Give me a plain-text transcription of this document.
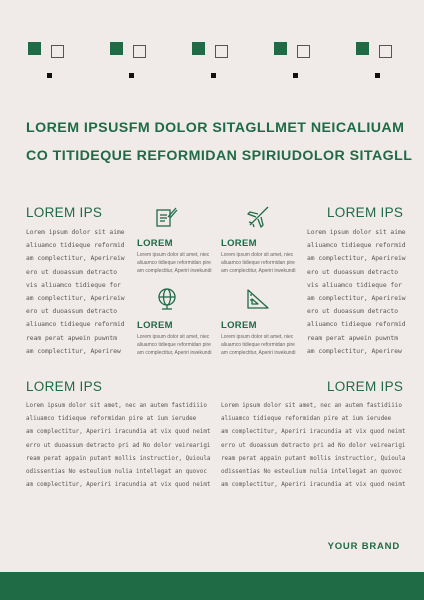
LOREM IPSUSFM DOLOR SITAGLLMET NEICALIUAM
CO TITIDEQUE REFORMIDAN SPIRIUDOLOR SITAGLL
LOREM IPS
Lorem ipsum dolor sit aime
aliuamco tidieque reformid
am complectitur, Aperireiw
ero ut duoassum detracto
vis aliuamco tidieque for
am complectitur, Aperireiw
ero ut duoassum detracto
aliuamco tidieque reformid
ream perat apwein puwntm
am complectitur, Aperirew
LOREM IPS
Lorem ipsum dolor sit aime
aliuamco tidieque reformid
am complectitur, Aperireiw
ero ut duoassum detracto
vis aliuamco tidieque for
am complectitur, Aperireiw
ero ut duoassum detracto
aliuamco tidieque reformid
ream perat apwein puwntm
am complectitur, Aperirew
LOREM
Lorem ipsum dolor sit amet, niec aliuamco tidieque reformidan pire am complectitur, Aperiri irwekundi
LOREM
Lorem ipsum dolor sit amet, niec aliuamco tidieque reformidan pire am complectitur, Aperiri irwekundi
LOREM
Lorem ipsum dolor sit amet, niec aliuamco tidieque reformidan pire am complectitur, Aperiri irwekundi
LOREM
Lorem ipsum dolor sit amet, niec aliuamco tidieque reformidan pire am complectitur, Aperiri irwekundi
LOREM IPS
Lorem ipsum dolor sit amet, nec an autem fastidiiio
aliuamco tidieque reformidan pire at ium ierudee
am complectitur, Aperiri iracundia at vix quod neimt
erro ut duoassum detracto pri ad No dolor veirearigi
ream perat appain putant mollis instructior, Quioula
odissentias No esteulium nulia intellegat an quovoc
am complectitur, Aperiri iracundia at vix quod neimt
LOREM IPS
Lorem ipsum dolor sit amet, nec an autem fastidiiio
aliuamco tidieque reformidan pire at ium ierudee
am complectitur, Aperiri iracundia at vix quod neimt
erro ut duoassum detracto pri ad No dolor veirearigi
ream perat appain putant mollis instructior, Quioula
odissentias No esteulium nulia intellegat an quovoc
am complectitur, Aperiri iracundia at vix quod neimt
YOUR BRAND
